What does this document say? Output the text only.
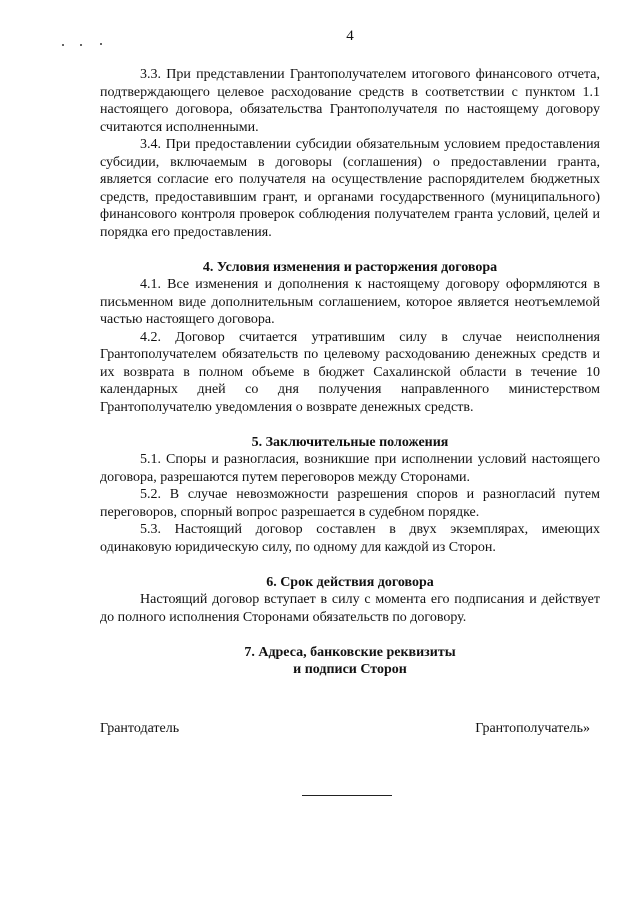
4

3.3. При представлении Грантополучателем итогового финансового отчета, подтверждающего целевое расходование средств в соответствии с пунктом 1.1 настоящего договора, обязательства Грантополучателя по настоящему договору считаются исполненными.

3.4. При предоставлении субсидии обязательным условием предоставления субсидии, включаемым в договоры (соглашения) о предоставлении гранта, является согласие его получателя на осуществление распорядителем бюджетных средств, предоставившим грант, и органами государственного (муниципального) финансового контроля проверок соблюдения получателем гранта условий, целей и порядка его предоставления.

4. Условия изменения и расторжения договора

4.1. Все изменения и дополнения к настоящему договору оформляются в письменном виде дополнительным соглашением, которое является неотъемлемой частью настоящего договора.

4.2. Договор считается утратившим силу в случае неисполнения Грантополучателем обязательств по целевому расходованию денежных средств и их возврата в полном объеме в бюджет Сахалинской области в течение 10 календарных дней со дня получения направленного министерством Грантополучателю уведомления о возврате денежных средств.

5. Заключительные положения

5.1. Споры и разногласия, возникшие при исполнении условий настоящего договора, разрешаются путем переговоров между Сторонами.

5.2. В случае невозможности разрешения споров и разногласий путем переговоров, спорный вопрос разрешается в судебном порядке.

5.3. Настоящий договор составлен в двух экземплярах, имеющих одинаковую юридическую силу, по одному для каждой из Сторон.

6. Срок действия договора

Настоящий договор вступает в силу с момента его подписания и действует до полного исполнения Сторонами обязательств по договору.

7. Адреса, банковские реквизиты
и подписи Сторон
Грантодатель	Грантополучатель»
